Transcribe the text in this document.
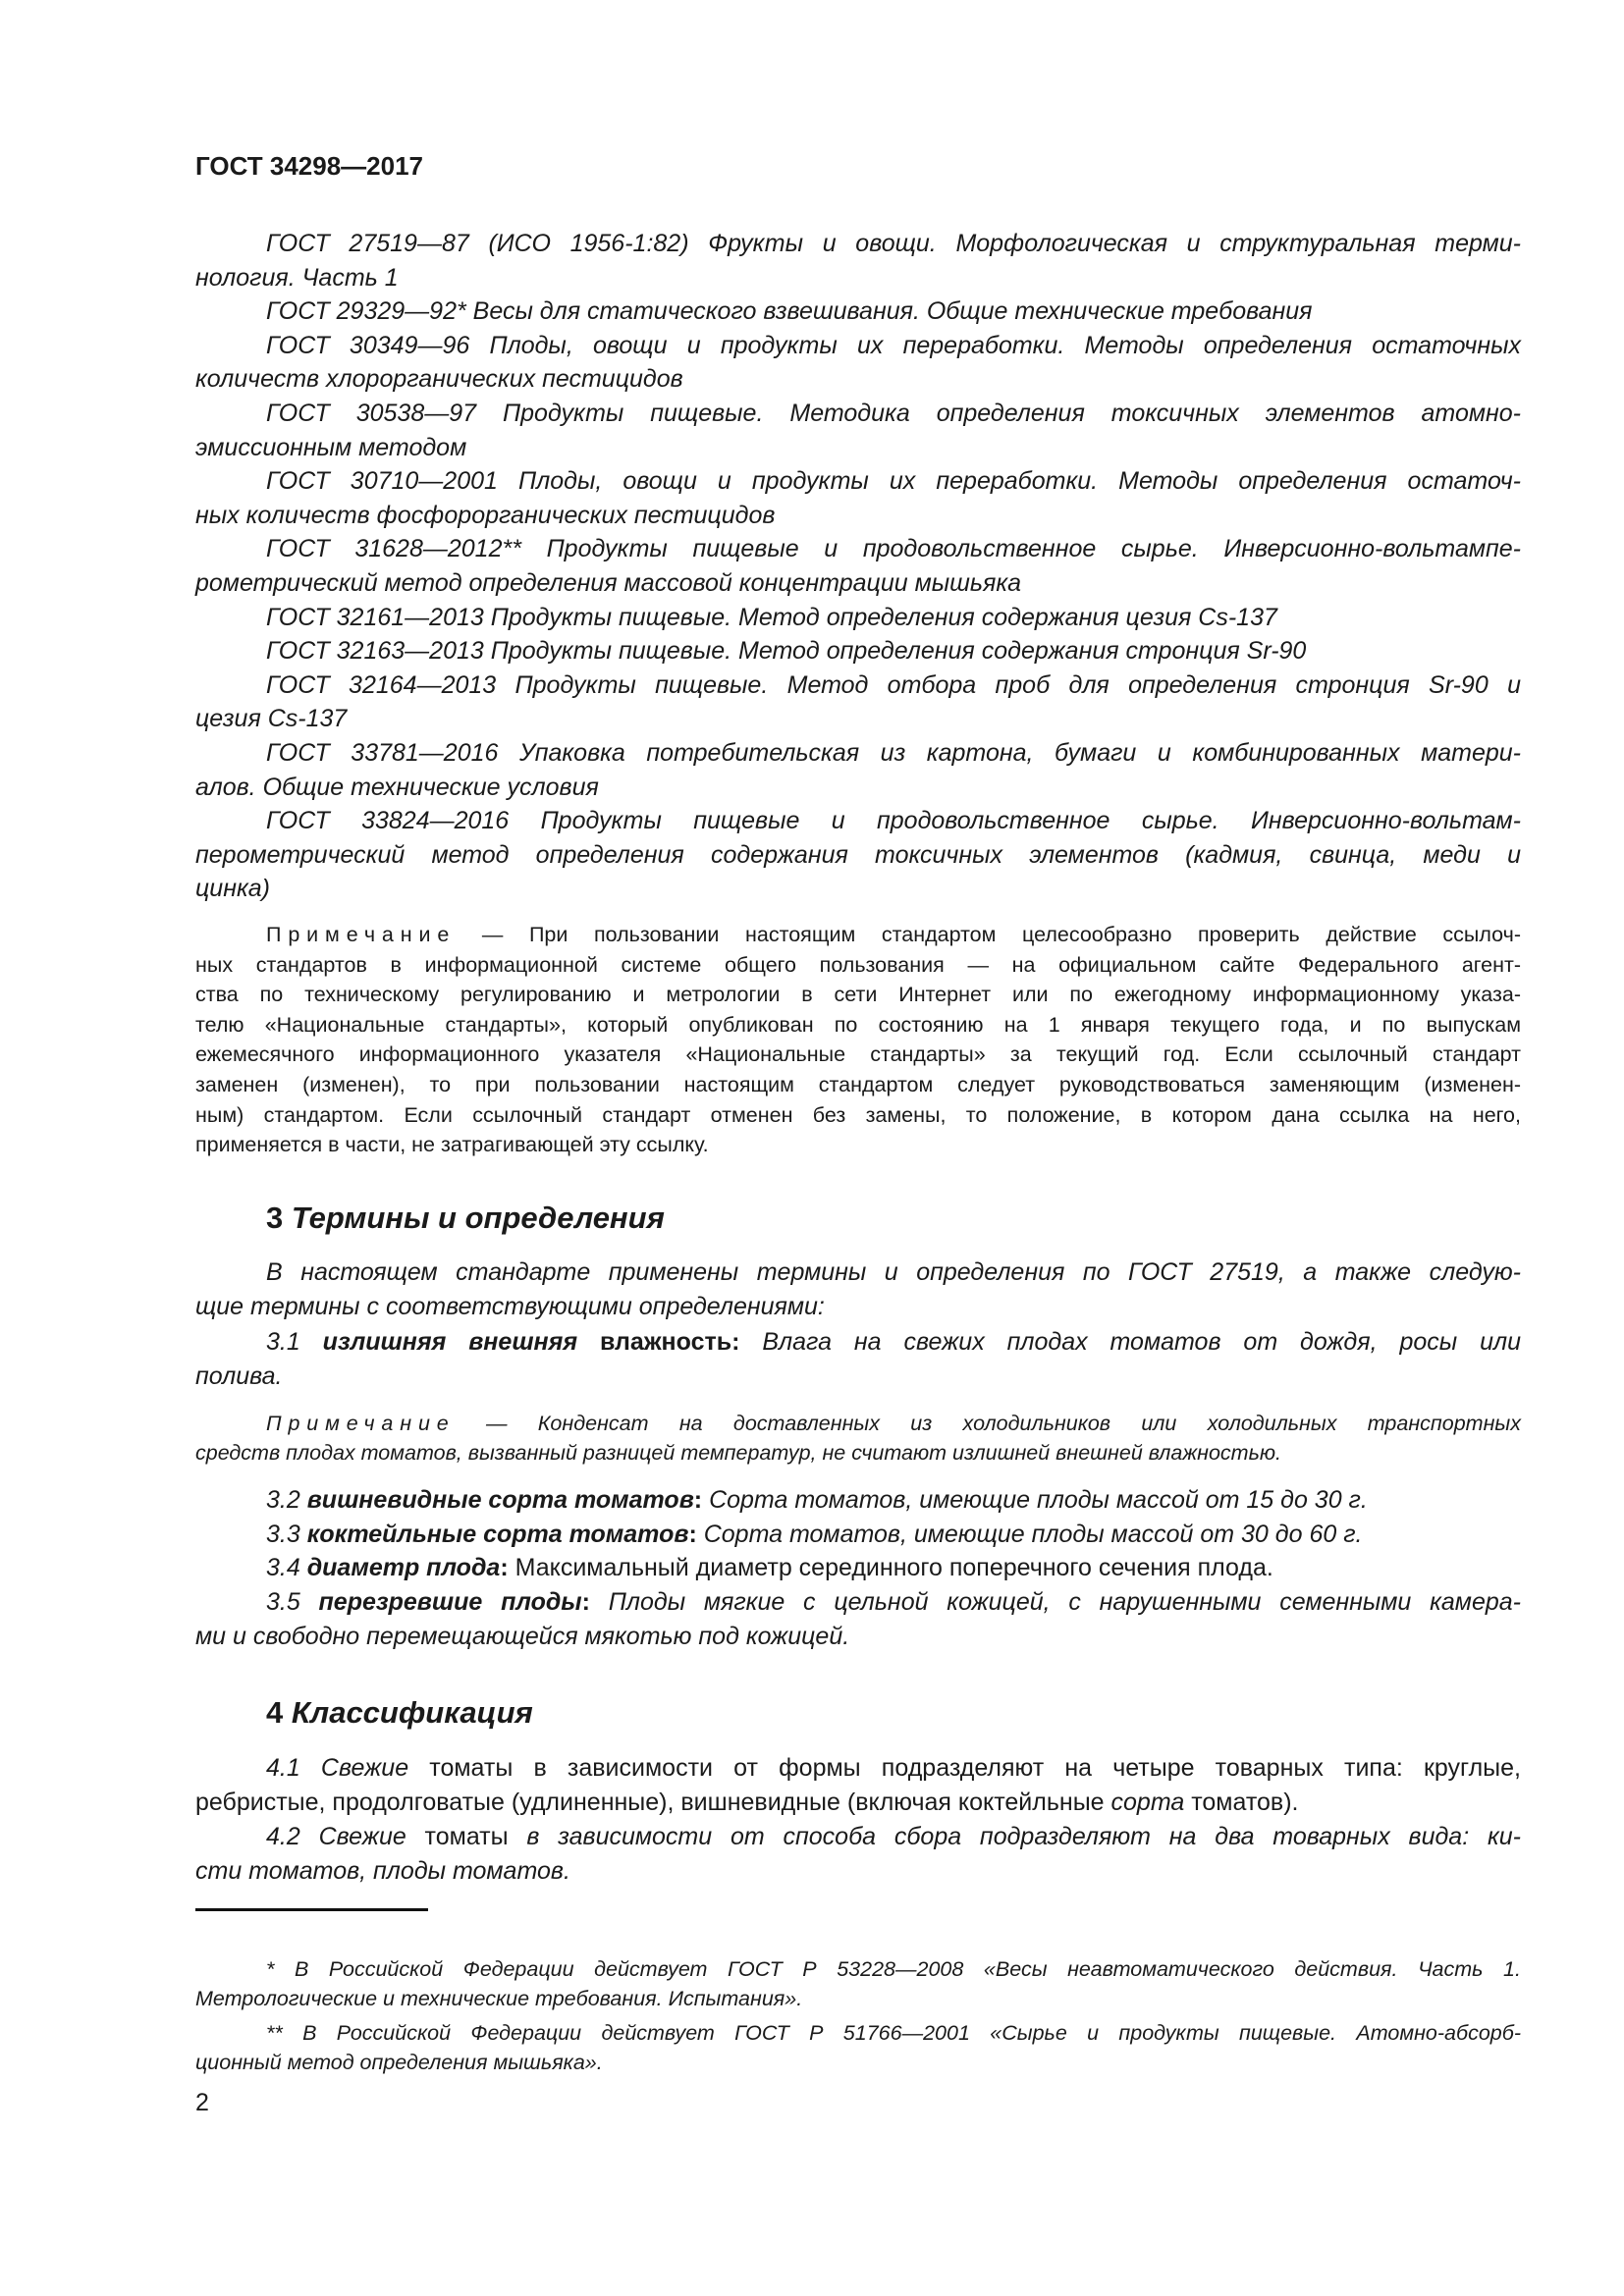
ГОСТ 34298—2017
ГОСТ 27519—87 (ИСО 1956-1:82) Фрукты и овощи. Морфологическая и структуральная терми-
нология. Часть 1
ГОСТ 29329—92* Весы для статического взвешивания. Общие технические требования
ГОСТ 30349—96 Плоды, овощи и продукты их переработки. Методы определения остаточных
количеств хлорорганических пестицидов
ГОСТ 30538—97 Продукты пищевые. Методика определения токсичных элементов атомно-
эмиссионным методом
ГОСТ 30710—2001 Плоды, овощи и продукты их переработки. Методы определения остаточ-
ных количеств фосфорорганических пестицидов
ГОСТ 31628—2012** Продукты пищевые и продовольственное сырье. Инверсионно-вольтампе-
рометрический метод определения массовой концентрации мышьяка
ГОСТ 32161—2013 Продукты пищевые. Метод определения содержания цезия Cs-137
ГОСТ 32163—2013 Продукты пищевые. Метод определения содержания стронция Sr-90
ГОСТ 32164—2013 Продукты пищевые. Метод отбора проб для определения стронция Sr-90 и
цезия Cs-137
ГОСТ 33781—2016 Упаковка потребительская из картона, бумаги и комбинированных матери-
алов. Общие технические условия
ГОСТ 33824—2016 Продукты пищевые и продовольственное сырье. Инверсионно-вольтам-
перометрический метод определения содержания токсичных элементов (кадмия, свинца, меди и
цинка)
Примечание — При пользовании настоящим стандартом целесообразно проверить действие ссылоч-
ных стандартов в информационной системе общего пользования — на официальном сайте Федерального агент-
ства по техническому регулированию и метрологии в сети Интернет или по ежегодному информационному указа-
телю «Национальные стандарты», который опубликован по состоянию на 1 января текущего года, и по выпускам
ежемесячного информационного указателя «Национальные стандарты» за текущий год. Если ссылочный стандарт
заменен (изменен), то при пользовании настоящим стандартом следует руководствоваться заменяющим (изменен-
ным) стандартом. Если ссылочный стандарт отменен без замены, то положение, в котором дана ссылка на него,
применяется в части, не затрагивающей эту ссылку.
3 Термины и определения
В настоящем стандарте применены термины и определения по ГОСТ 27519, а также следую-
щие термины с соответствующими определениями:
3.1 излишняя внешняя влажность: Влага на свежих плодах томатов от дождя, росы или
полива.
Примечание — Конденсат на доставленных из холодильников или холодильных транспортных
средств плодах томатов, вызванный разницей температур, не считают излишней внешней влажностью.
3.2 вишневидные сорта томатов: Сорта томатов, имеющие плоды массой от 15 до 30 г.
3.3 коктейльные сорта томатов: Сорта томатов, имеющие плоды массой от 30 до 60 г.
3.4 диаметр плода: Максимальный диаметр серединного поперечного сечения плода.
3.5 перезревшие плоды: Плоды мягкие с цельной кожицей, с нарушенными семенными камера-
ми и свободно перемещающейся мякотью под кожицей.
4 Классификация
4.1 Свежие томаты в зависимости от формы подразделяют на четыре товарных типа: круглые,
ребристые, продолговатые (удлиненные), вишневидные (включая коктейльные сорта томатов).
4.2 Свежие томаты в зависимости от способа сбора подразделяют на два товарных вида: ки-
сти томатов, плоды томатов.
* В Российской Федерации действует ГОСТ Р 53228—2008 «Весы неавтоматического действия. Часть 1.
Метрологические и технические требования. Испытания».
** В Российской Федерации действует ГОСТ Р 51766—2001 «Сырье и продукты пищевые. Атомно-абсорб-
ционный метод определения мышьяка».
2
